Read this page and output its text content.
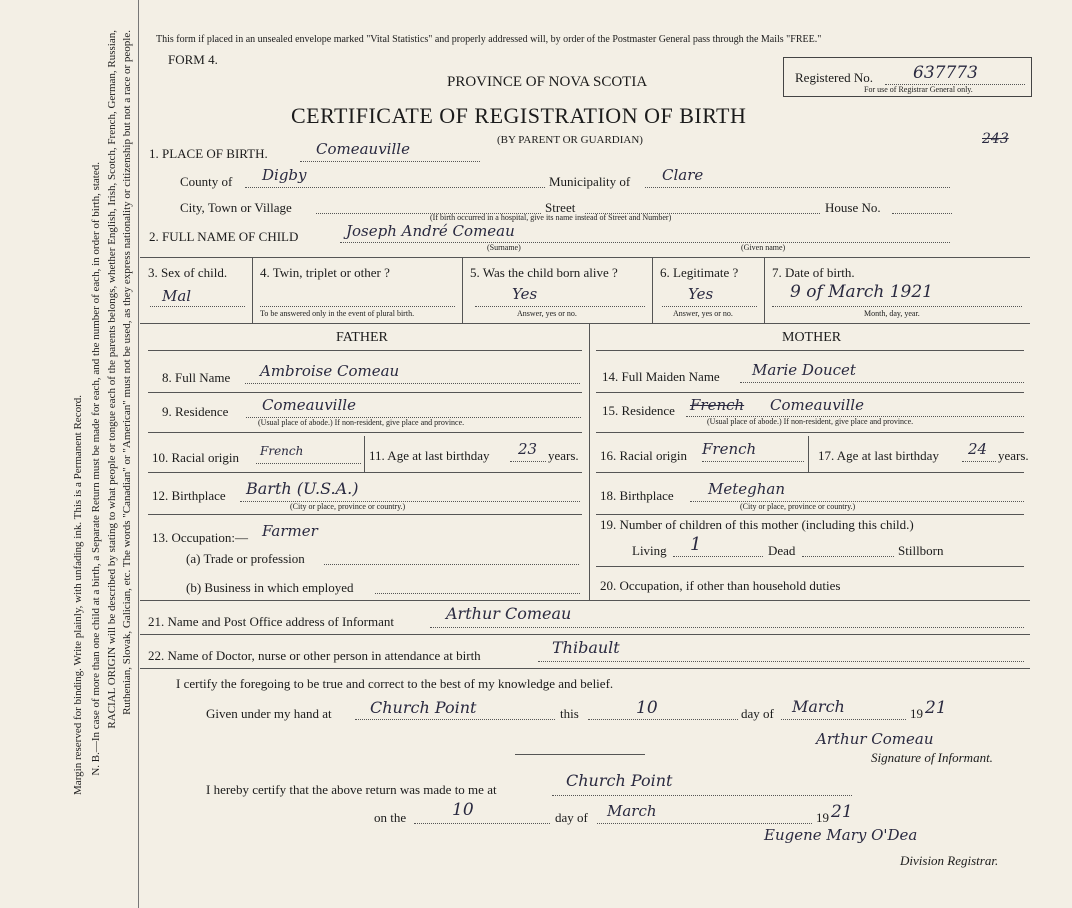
Margin reserved for binding. Write plainly, with unfading ink. This is a Permanent Record. N. B.—In case of more than one child at a birth, a Separate Return must be made for each, and the number of each, in order of birth, stated. RACIAL ORIGIN will be described by stating to what people or tongue each of the parents belongs, whether English, Irish, Scotch, French, German, Russian, Ruthenian, Slovak, Galician, etc. The words "Canadian" or "American" must not be used, as they express nationality or citizenship but not a race or people. This form if placed in an unsealed envelope marked "Vital Statistics" and properly addressed will, by order of the Postmaster General pass through the Mails "FREE."
FORM 4.
PROVINCE OF NOVA SCOTIA
CERTIFICATE OF REGISTRATION OF BIRTH
(BY PARENT OR GUARDIAN)
Registered No. 637773
For use of Registrar General only.
243
1. PLACE OF BIRTH.	Comeauville
County of Digby	Municipality of Clare
City, Town or Village	Street	House No.
(If birth occurred in a hospital, give its name instead of Street and Number)
2. FULL NAME OF CHILD	Joseph André Comeau
(Surname)	(Given name)
3. Sex of child.
Mal
4. Twin, triplet or other ?
To be answered only in the event of plural birth.
5. Was the child born alive ?
Yes
Answer, yes or no.
6. Legitimate ?
Yes
Answer, yes or no.
7. Date of birth.
9 of March 1921
Month, day, year.
FATHER	MOTHER
8. Full Name Ambroise Comeau
9. Residence Comeauville
(Usual place of abode.) If non-resident, give place and province.
10. Racial origin French	11. Age at last birthday 23 years.
12. Birthplace Barth (U.S.A.)
(City or place, province or country.)
13. Occupation:— Farmer
(a) Trade or profession
(b) Business in which employed
14. Full Maiden Name Marie Doucet
15. Residence French Comeauville
(Usual place of abode.) If non-resident, give place and province.
16. Racial origin French	17. Age at last birthday 24 years.
18. Birthplace Meteghan
(City or place, province or country.)
19. Number of children of this mother (including this child.)
Living 1	Dead	Stillborn
20. Occupation, if other than household duties
21. Name and Post Office address of Informant	Arthur Comeau
22. Name of Doctor, nurse or other person in attendance at birth	Thibault
I certify the foregoing to be true and correct to the best of my knowledge and belief.
Given under my hand at Church Point	this	10	day of March	19 21
Arthur Comeau
Signature of Informant.
I hereby certify that the above return was made to me at	Church Point
on the	10	day of March	19 21
Eugene Mary O'Dea
Division Registrar.
